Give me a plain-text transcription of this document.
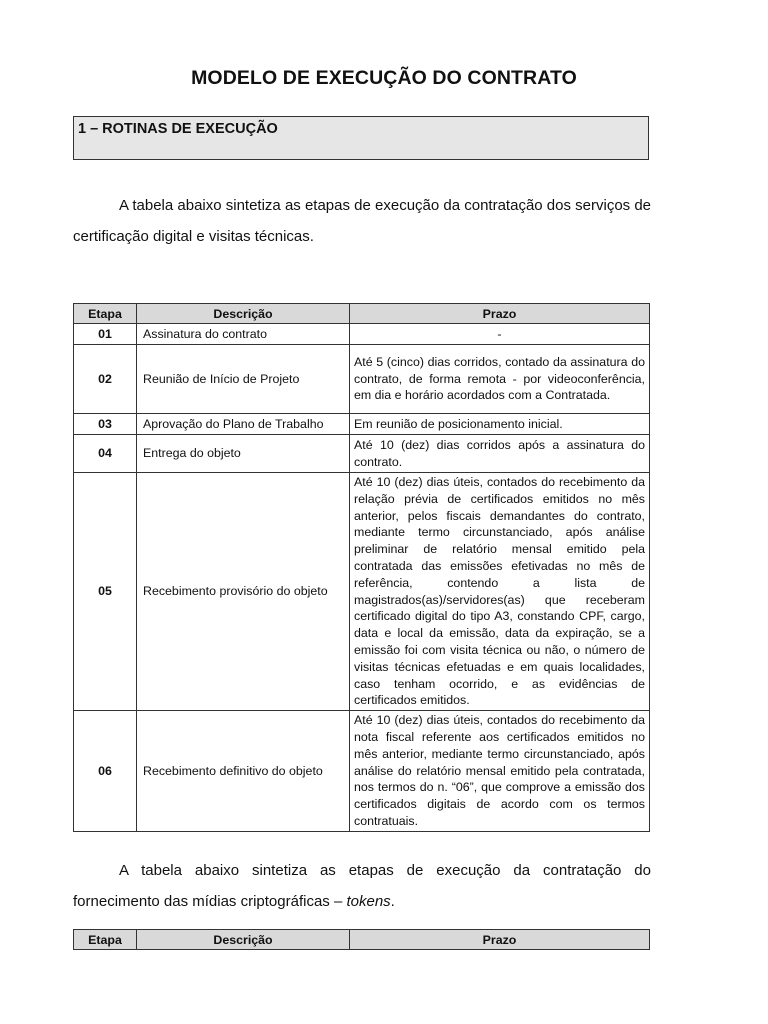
MODELO DE EXECUÇÃO DO CONTRATO
1 – ROTINAS DE EXECUÇÃO

A tabela abaixo sintetiza as etapas de execução da contratação dos serviços de certificação digital e visitas técnicas.

Etapa	Descrição	Prazo
01	Assinatura do contrato	-
02	Reunião de Início de Projeto	Até 5 (cinco) dias corridos, contado da assinatura do contrato, de forma remota - por videoconferência, em dia e horário acordados com a Contratada.
03	Aprovação do Plano de Trabalho	Em reunião de posicionamento inicial.
04	Entrega do objeto	Até 10 (dez) dias corridos após a assinatura do contrato.
05	Recebimento provisório do objeto	Até 10 (dez) dias úteis, contados do recebimento da relação prévia de certificados emitidos no mês anterior, pelos fiscais demandantes do contrato, mediante termo circunstanciado, após análise preliminar de relatório mensal emitido pela contratada das emissões efetivadas no mês de referência, contendo a lista de magistrados(as)/servidores(as) que receberam certificado digital do tipo A3, constando CPF, cargo, data e local da emissão, data da expiração, se a emissão foi com visita técnica ou não, o número de visitas técnicas efetuadas e em quais localidades, caso tenham ocorrido, e as evidências de certificados emitidos.
06	Recebimento definitivo do objeto	Até 10 (dez) dias úteis, contados do recebimento da nota fiscal referente aos certificados emitidos no mês anterior, mediante termo circunstanciado, após análise do relatório mensal emitido pela contratada, nos termos do n. “06”, que comprove a emissão dos certificados digitais de acordo com os termos contratuais.

A tabela abaixo sintetiza as etapas de execução da contratação do fornecimento das mídias criptográficas – tokens.

Etapa	Descrição	Prazo
